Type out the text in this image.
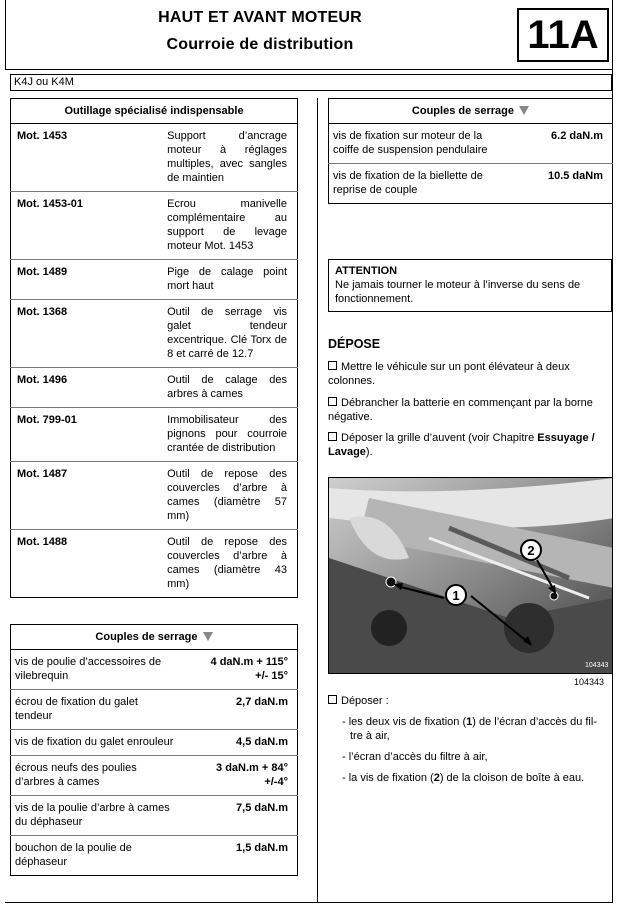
HAUT ET AVANT MOTEUR
Courroie de distribution	11A
K4J ou K4M
Outillage spécialisé indispensable	
Mot. 1453	Support d’ancrage moteur à réglages multiples, avec sangles de maintien
Mot. 1453-01	Ecrou manivelle complémentaire au support de levage moteur Mot. 1453
Mot. 1489	Pige de calage point mort haut
Mot. 1368	Outil de serrage vis galet tendeur excentrique. Clé Torx de 8 et carré de 12.7
Mot. 1496	Outil de calage des arbres à cames
Mot. 799-01	Immobilisateur des pignons pour courroie crantée de distribution
Mot. 1487	Outil de repose des couvercles d’arbre à cames (diamètre 57 mm)
Mot. 1488	Outil de repose des couvercles d’arbre à cames (diamètre 43 mm)
Couples de serrage	
vis de poulie d’accessoires de vilebrequin	4 daN.m + 115°
+/- 15°
écrou de fixation du galet tendeur	2,7 daN.m
vis de fixation du galet enrouleur	4,5 daN.m
écrous neufs des poulies d’arbres à cames	3 daN.m + 84°
+/-4°
vis de la poulie d’arbre à cames du déphaseur	7,5 daN.m
bouchon de la poulie de déphaseur	1,5 daN.m
Couples de serrage	
vis de fixation sur moteur de la coiffe de suspension pendulaire	6.2 daN.m
vis de fixation de la biellette de reprise de couple	10.5 daNm
ATTENTION
Ne jamais tourner le moteur à l’inverse du sens de fonctionnement.
DÉPOSE
Mettre le véhicule sur un pont élévateur à deux colonnes.
Débrancher la batterie en commençant par la borne négative.
Déposer la grille d’auvent (voir Chapitre Essuyage / Lavage).
1
2
104343
104343
Déposer :
- les deux vis de fixation (1) de l’écran d’accès du fil-
tre à air,
- l’écran d’accès du filtre à air,
- la vis de fixation (2) de la cloison de boîte à eau.
